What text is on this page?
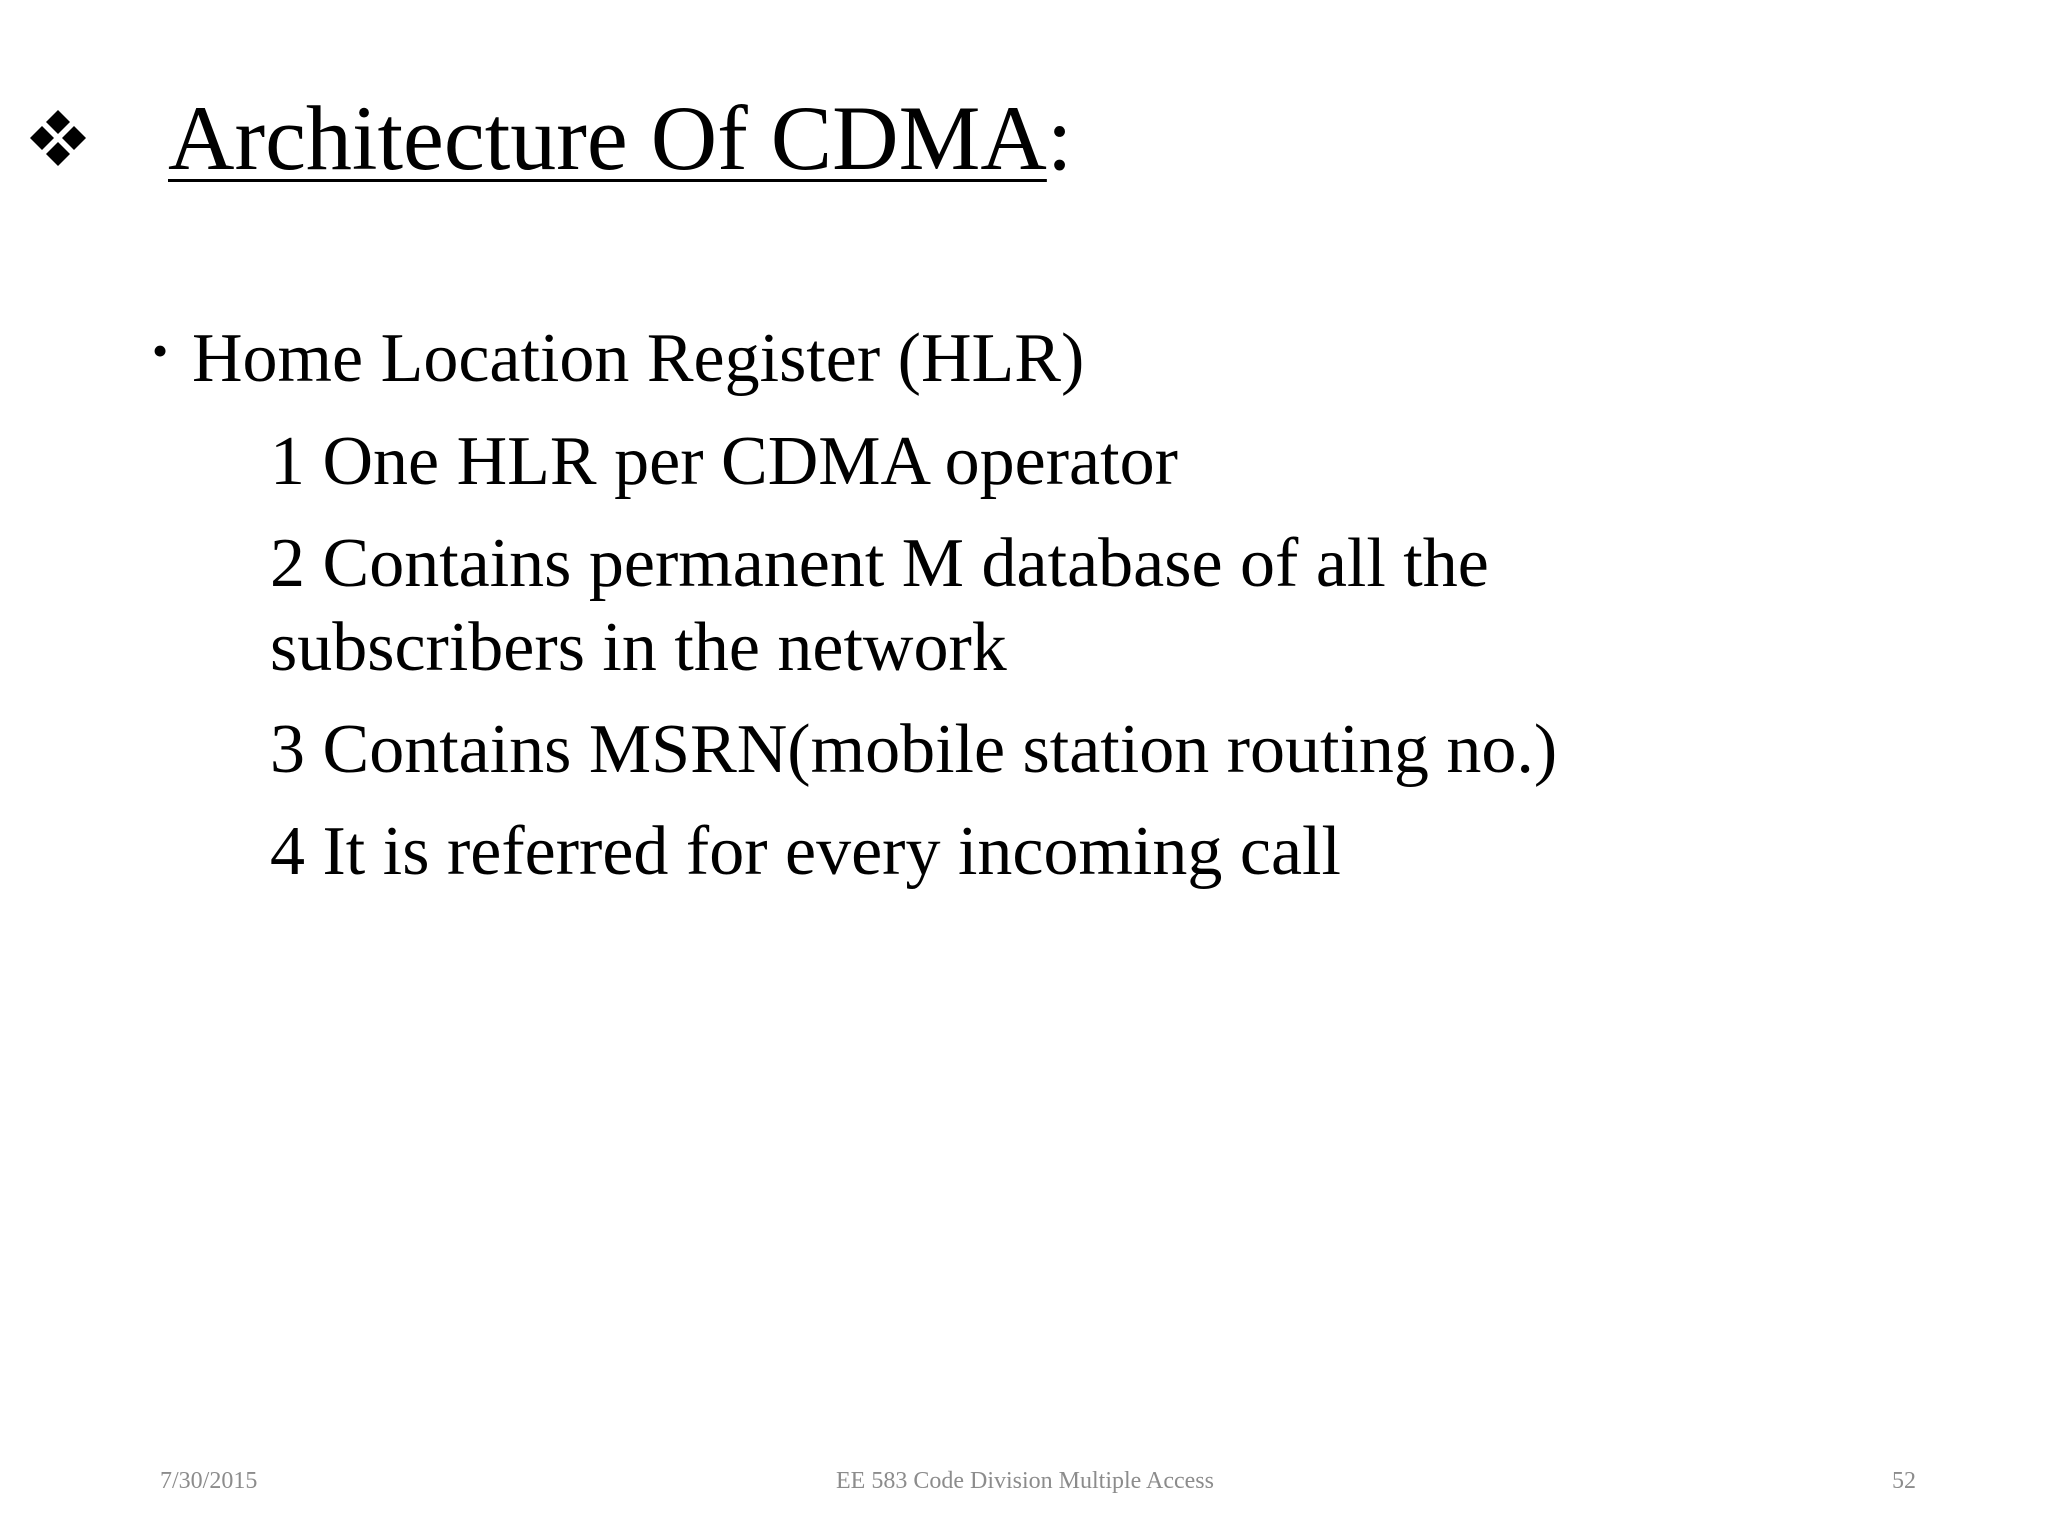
Architecture Of CDMA:
• Home Location Register (HLR)
1 One HLR per CDMA operator
2 Contains permanent M database of all the subscribers in the network
3 Contains MSRN(mobile station routing no.)
4 It is referred for every incoming call
7/30/2015	EE 583 Code Division Multiple Access	52
